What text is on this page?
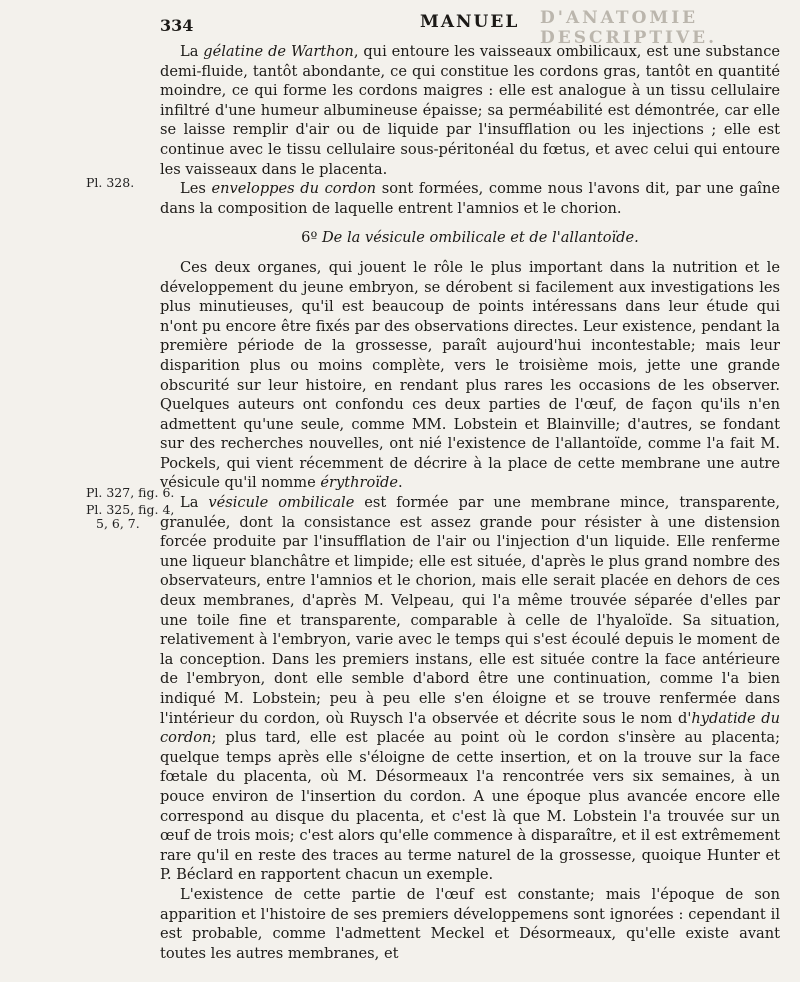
D'ANATOMIE DESCRIPTIVE.
334	MANUEL
Pl. 328.
Pl. 327, fig. 6.
Pl. 325, fig. 4,
5, 6, 7.

La gélatine de Warthon, qui entoure les vaisseaux ombilicaux, est une substance demi-fluide, tantôt abondante, ce qui constitue les cordons gras, tantôt en quantité moindre, ce qui forme les cordons maigres : elle est analogue à un tissu cellulaire infiltré d'une humeur albumineuse épaisse; sa perméabilité est démontrée, car elle se laisse remplir d'air ou de liquide par l'insufflation ou les injections ; elle est continue avec le tissu cellulaire sous-péritonéal du fœtus, et avec celui qui entoure les vaisseaux dans le placenta.

Les enveloppes du cordon sont formées, comme nous l'avons dit, par une gaîne dans la composition de laquelle entrent l'amnios et le chorion.

6º De la vésicule ombilicale et de l'allantoïde.

Ces deux organes, qui jouent le rôle le plus important dans la nutrition et le développement du jeune embryon, se dérobent si facilement aux investigations les plus minutieuses, qu'il est beaucoup de points intéressans dans leur étude qui n'ont pu encore être fixés par des observations directes. Leur existence, pendant la première période de la grossesse, paraît aujourd'hui incontestable; mais leur disparition plus ou moins complète, vers le troisième mois, jette une grande obscurité sur leur histoire, en rendant plus rares les occasions de les observer. Quelques auteurs ont confondu ces deux parties de l'œuf, de façon qu'ils n'en admettent qu'une seule, comme MM. Lobstein et Blainville; d'autres, se fondant sur des recherches nouvelles, ont nié l'existence de l'allantoïde, comme l'a fait M. Pockels, qui vient récemment de décrire à la place de cette membrane une autre vésicule qu'il nomme érythroïde.

La vésicule ombilicale est formée par une membrane mince, transparente, granulée, dont la consistance est assez grande pour résister à une distension forcée produite par l'insufflation de l'air ou l'injection d'un liquide. Elle renferme une liqueur blanchâtre et limpide; elle est située, d'après le plus grand nombre des observateurs, entre l'amnios et le chorion, mais elle serait placée en dehors de ces deux membranes, d'après M. Velpeau, qui l'a même trouvée séparée d'elles par une toile fine et transparente, comparable à celle de l'hyaloïde. Sa situation, relativement à l'embryon, varie avec le temps qui s'est écoulé depuis le moment de la conception. Dans les premiers instans, elle est située contre la face antérieure de l'embryon, dont elle semble d'abord être une continuation, comme l'a bien indiqué M. Lobstein; peu à peu elle s'en éloigne et se trouve renfermée dans l'intérieur du cordon, où Ruysch l'a observée et décrite sous le nom d'hydatide du cordon; plus tard, elle est placée au point où le cordon s'insère au placenta; quelque temps après elle s'éloigne de cette insertion, et on la trouve sur la face fœtale du placenta, où M. Désormeaux l'a rencontrée vers six semaines, à un pouce environ de l'insertion du cordon. A une époque plus avancée encore elle correspond au disque du placenta, et c'est là que M. Lobstein l'a trouvée sur un œuf de trois mois; c'est alors qu'elle commence à disparaître, et il est extrêmement rare qu'il en reste des traces au terme naturel de la grossesse, quoique Hunter et P. Béclard en rapportent chacun un exemple.

L'existence de cette partie de l'œuf est constante; mais l'époque de son apparition et l'histoire de ses premiers développemens sont ignorées : cependant il est probable, comme l'admettent Meckel et Désormeaux, qu'elle existe avant toutes les autres membranes, et
